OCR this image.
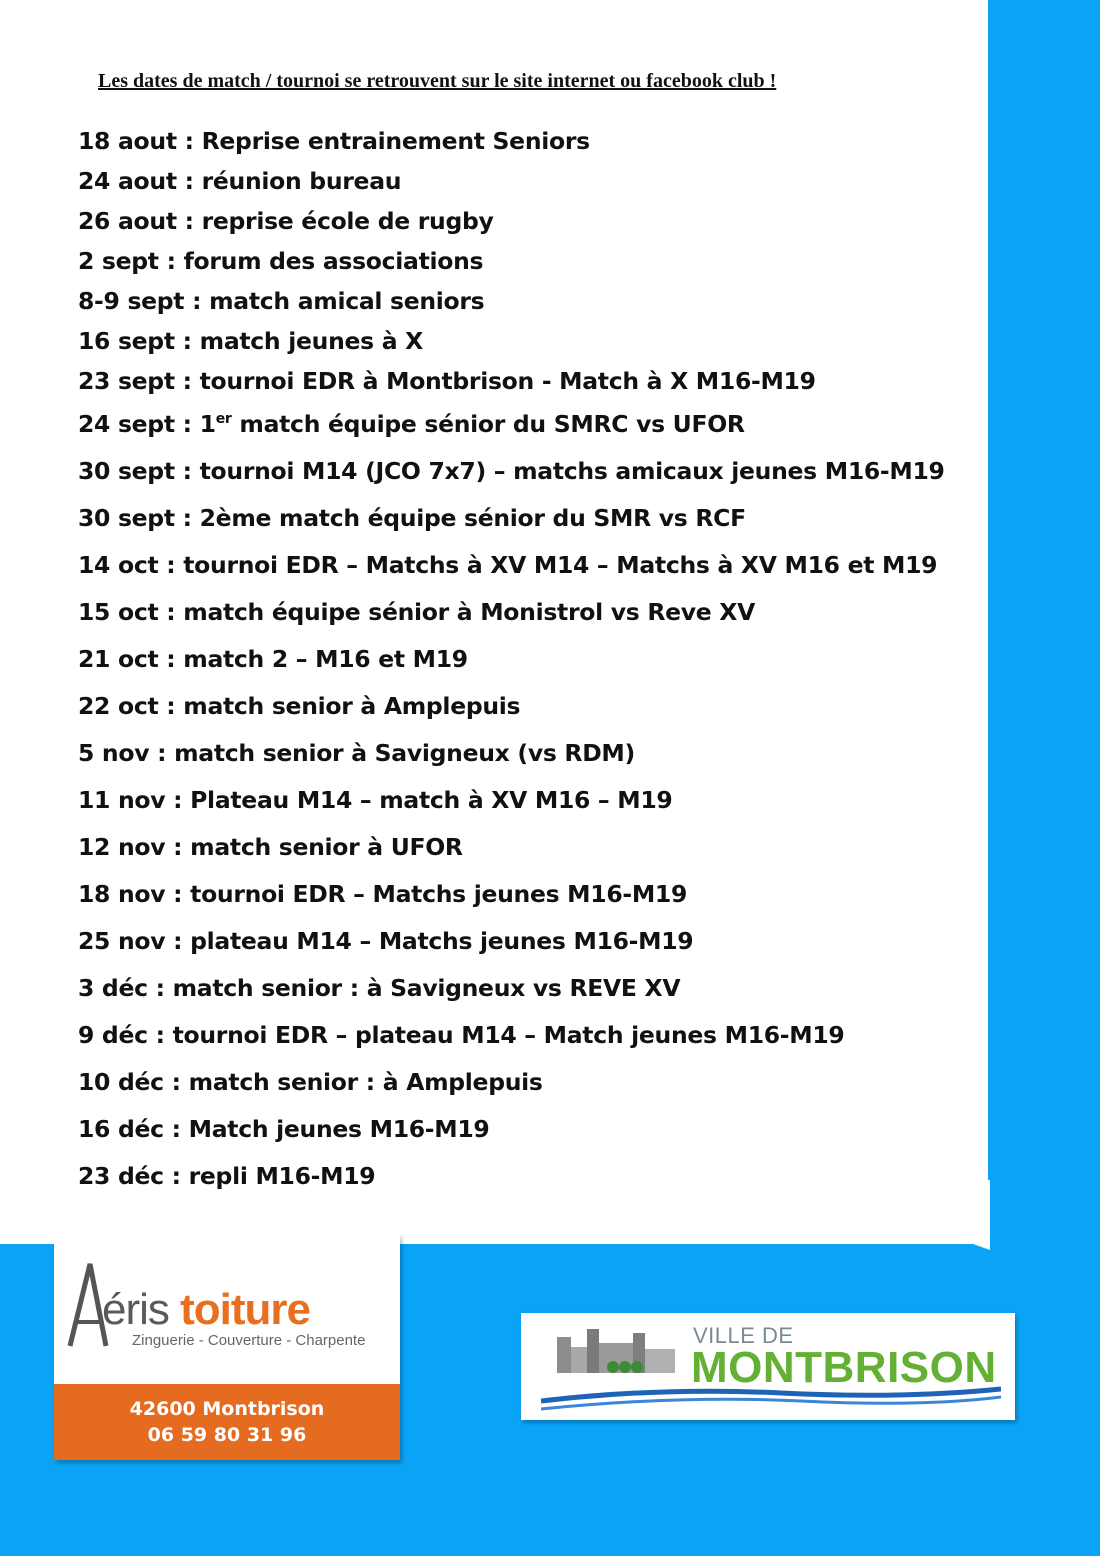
Les dates de match / tournoi se retrouvent sur le site internet ou facebook club !

18 aout : Reprise entrainement Seniors
24 aout : réunion bureau
26 aout : reprise école de rugby
2 sept : forum des associations
8-9 sept : match amical seniors
16 sept : match jeunes à X
23 sept : tournoi EDR à Montbrison - Match à X M16-M19
24 sept : 1er match équipe sénior du SMRC vs UFOR
30 sept : tournoi M14 (JCO 7x7) – matchs amicaux jeunes M16-M19
30 sept : 2ème match équipe sénior du SMR vs RCF
14 oct : tournoi EDR – Matchs à XV M14 – Matchs à XV M16 et M19
15 oct : match équipe sénior à Monistrol vs Reve XV
21 oct : match 2 – M16 et M19
22 oct : match senior à Amplepuis
5 nov : match senior à Savigneux (vs RDM)
11 nov : Plateau M14 – match à XV M16 – M19
12 nov : match senior à UFOR
18 nov : tournoi EDR – Matchs jeunes M16-M19
25 nov : plateau M14 – Matchs jeunes M16-M19
3 déc : match senior : à Savigneux vs REVE XV
9 déc : tournoi EDR – plateau M14 – Match jeunes M16-M19
10 déc : match senior : à Amplepuis
16 déc : Match jeunes M16-M19
23 déc : repli M16-M19
éris toiture
Zinguerie - Couverture - Charpente
42600 Montbrison
06 59 80 31 96
VILLE DE
MONTBRISON
